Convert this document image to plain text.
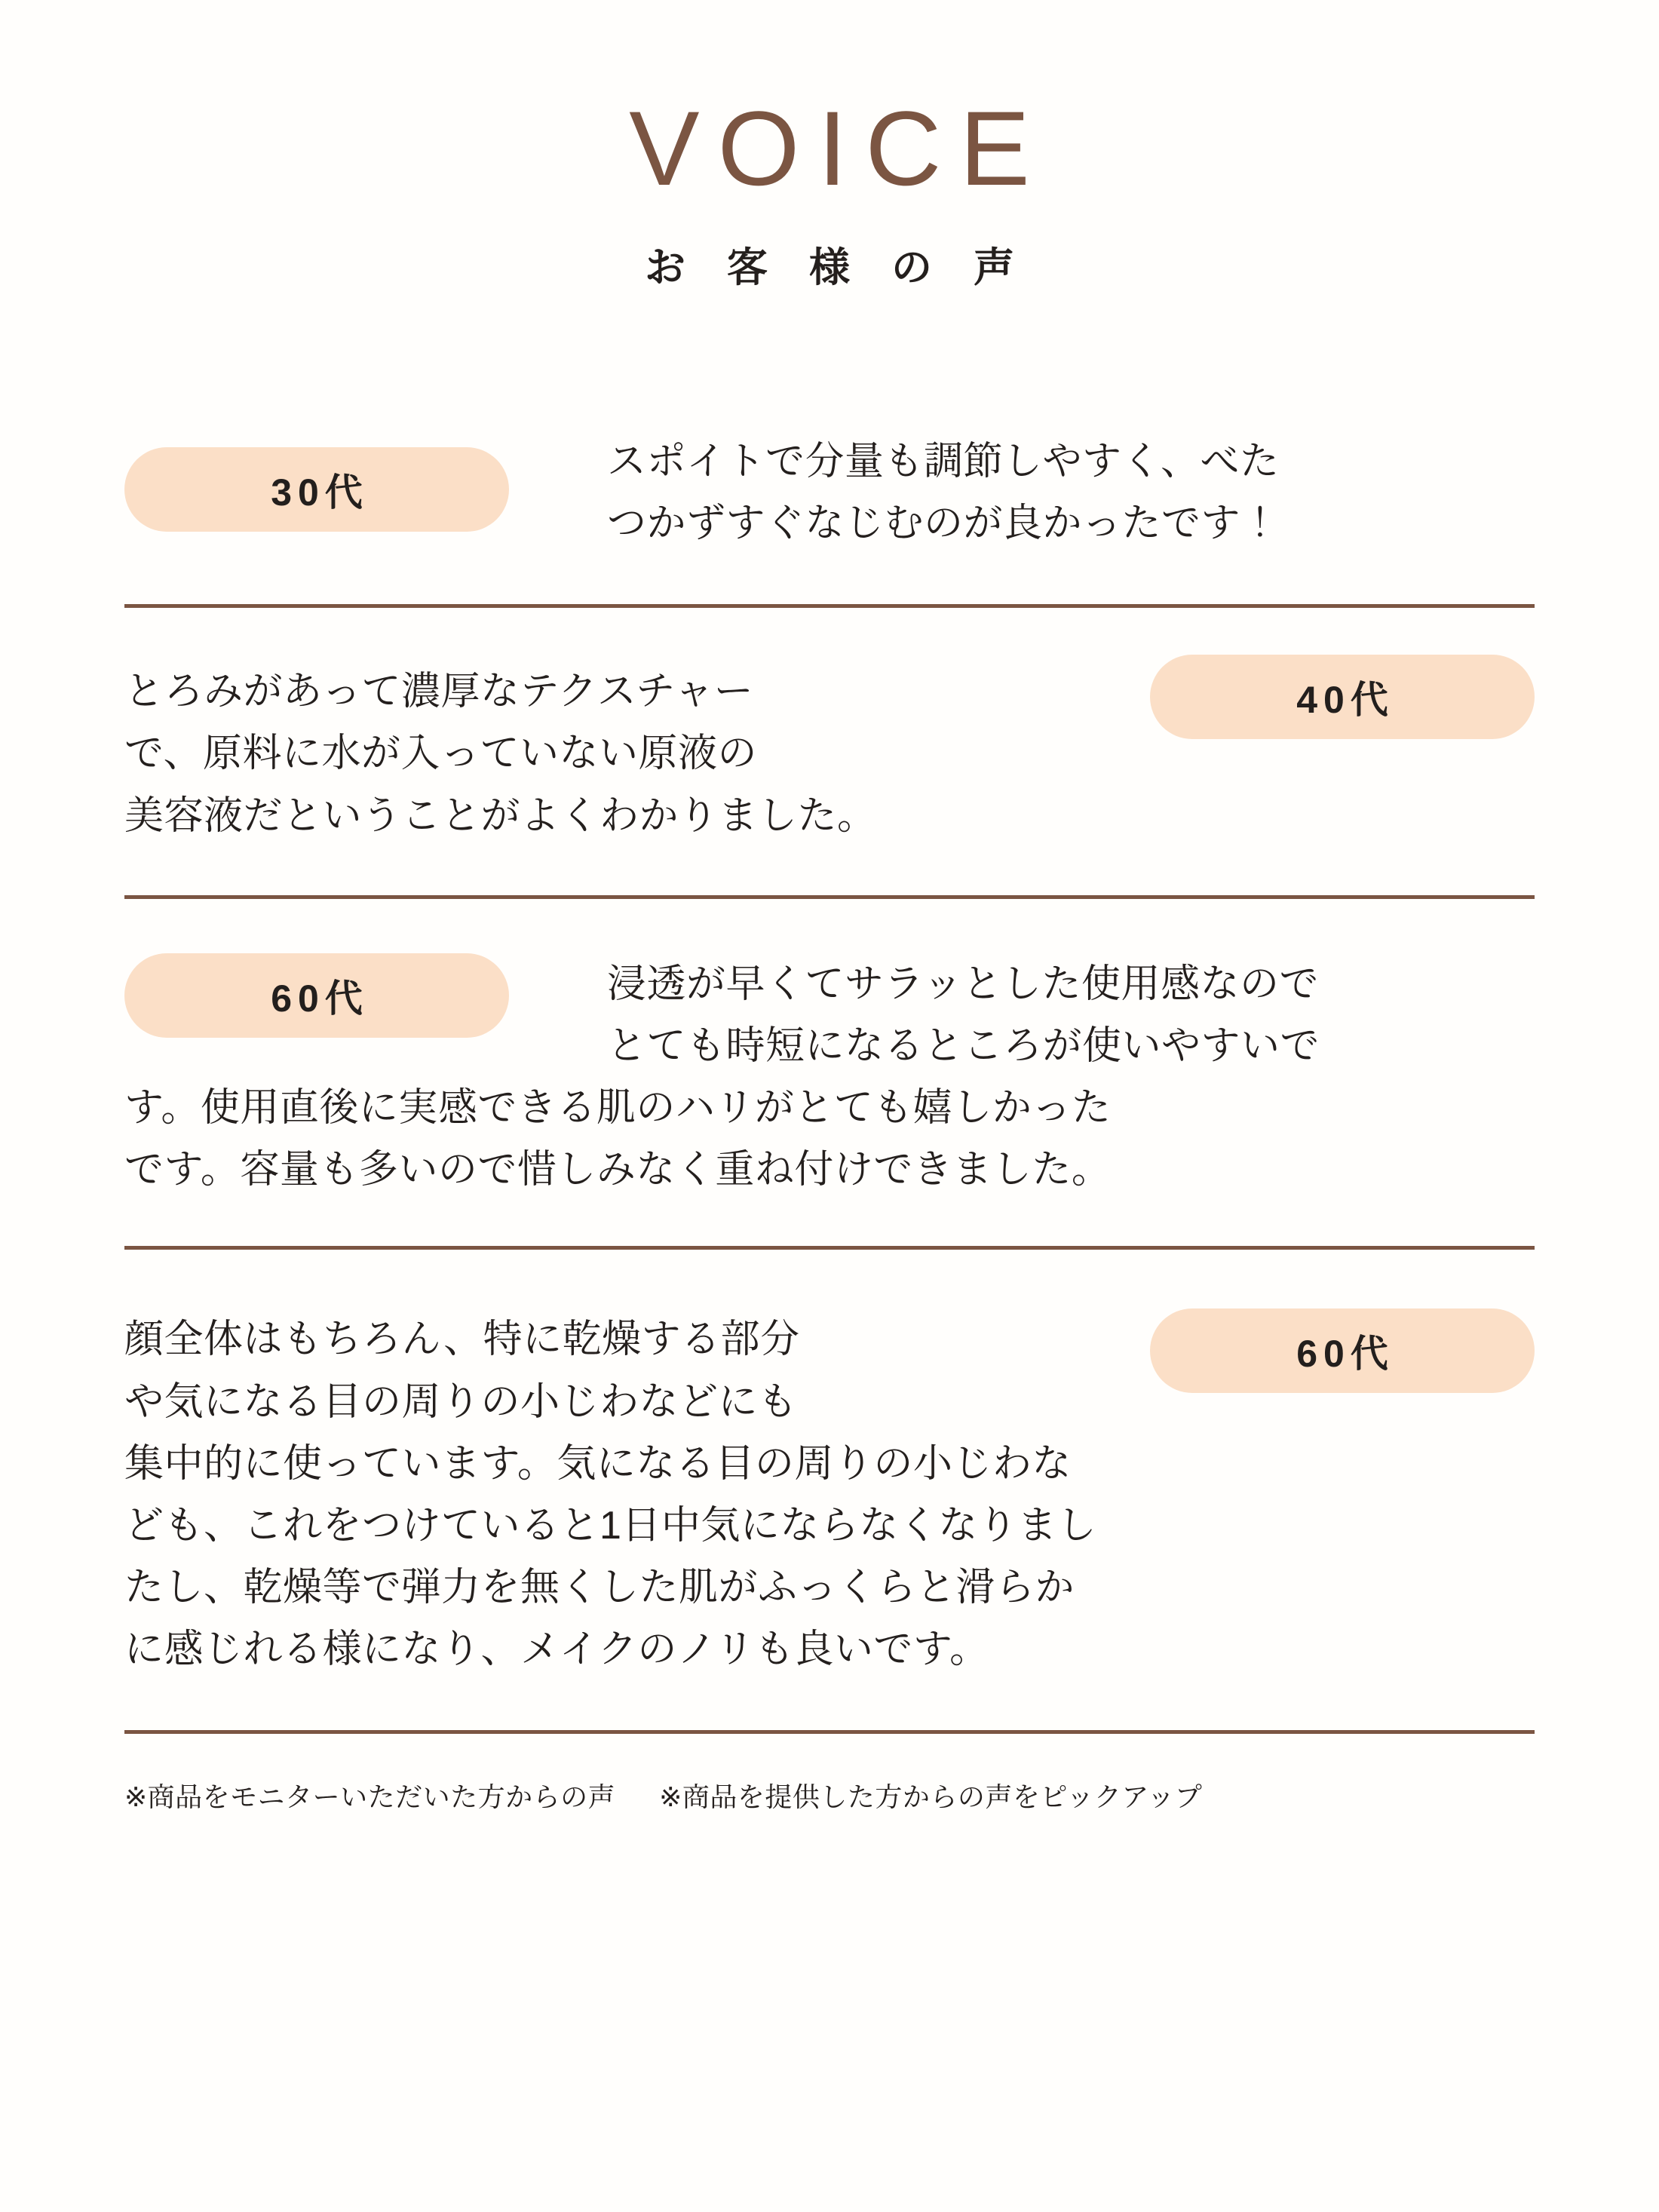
VOICE
お 客 様 の 声
30代
スポイトで分量も調節しやすく、べた
つかずすぐなじむのが良かったです！
40代
とろみがあって濃厚なテクスチャー
で、原料に水が入っていない原液の
美容液だということがよくわかりました。
60代	浸透が早くてサラッとした使用感なので
とても時短になるところが使いやすいで
す。使用直後に実感できる肌のハリがとても嬉しかった
です。容量も多いので惜しみなく重ね付けできました。
60代
顔全体はもちろん、特に乾燥する部分
や気になる目の周りの小じわなどにも
集中的に使っています。気になる目の周りの小じわな
ども、これをつけていると1日中気にならなくなりまし
たし、乾燥等で弾力を無くした肌がふっくらと滑らか
に感じれる様になり、メイクのノリも良いです。
※商品をモニターいただいた方からの声 ※商品を提供した方からの声をピックアップ
